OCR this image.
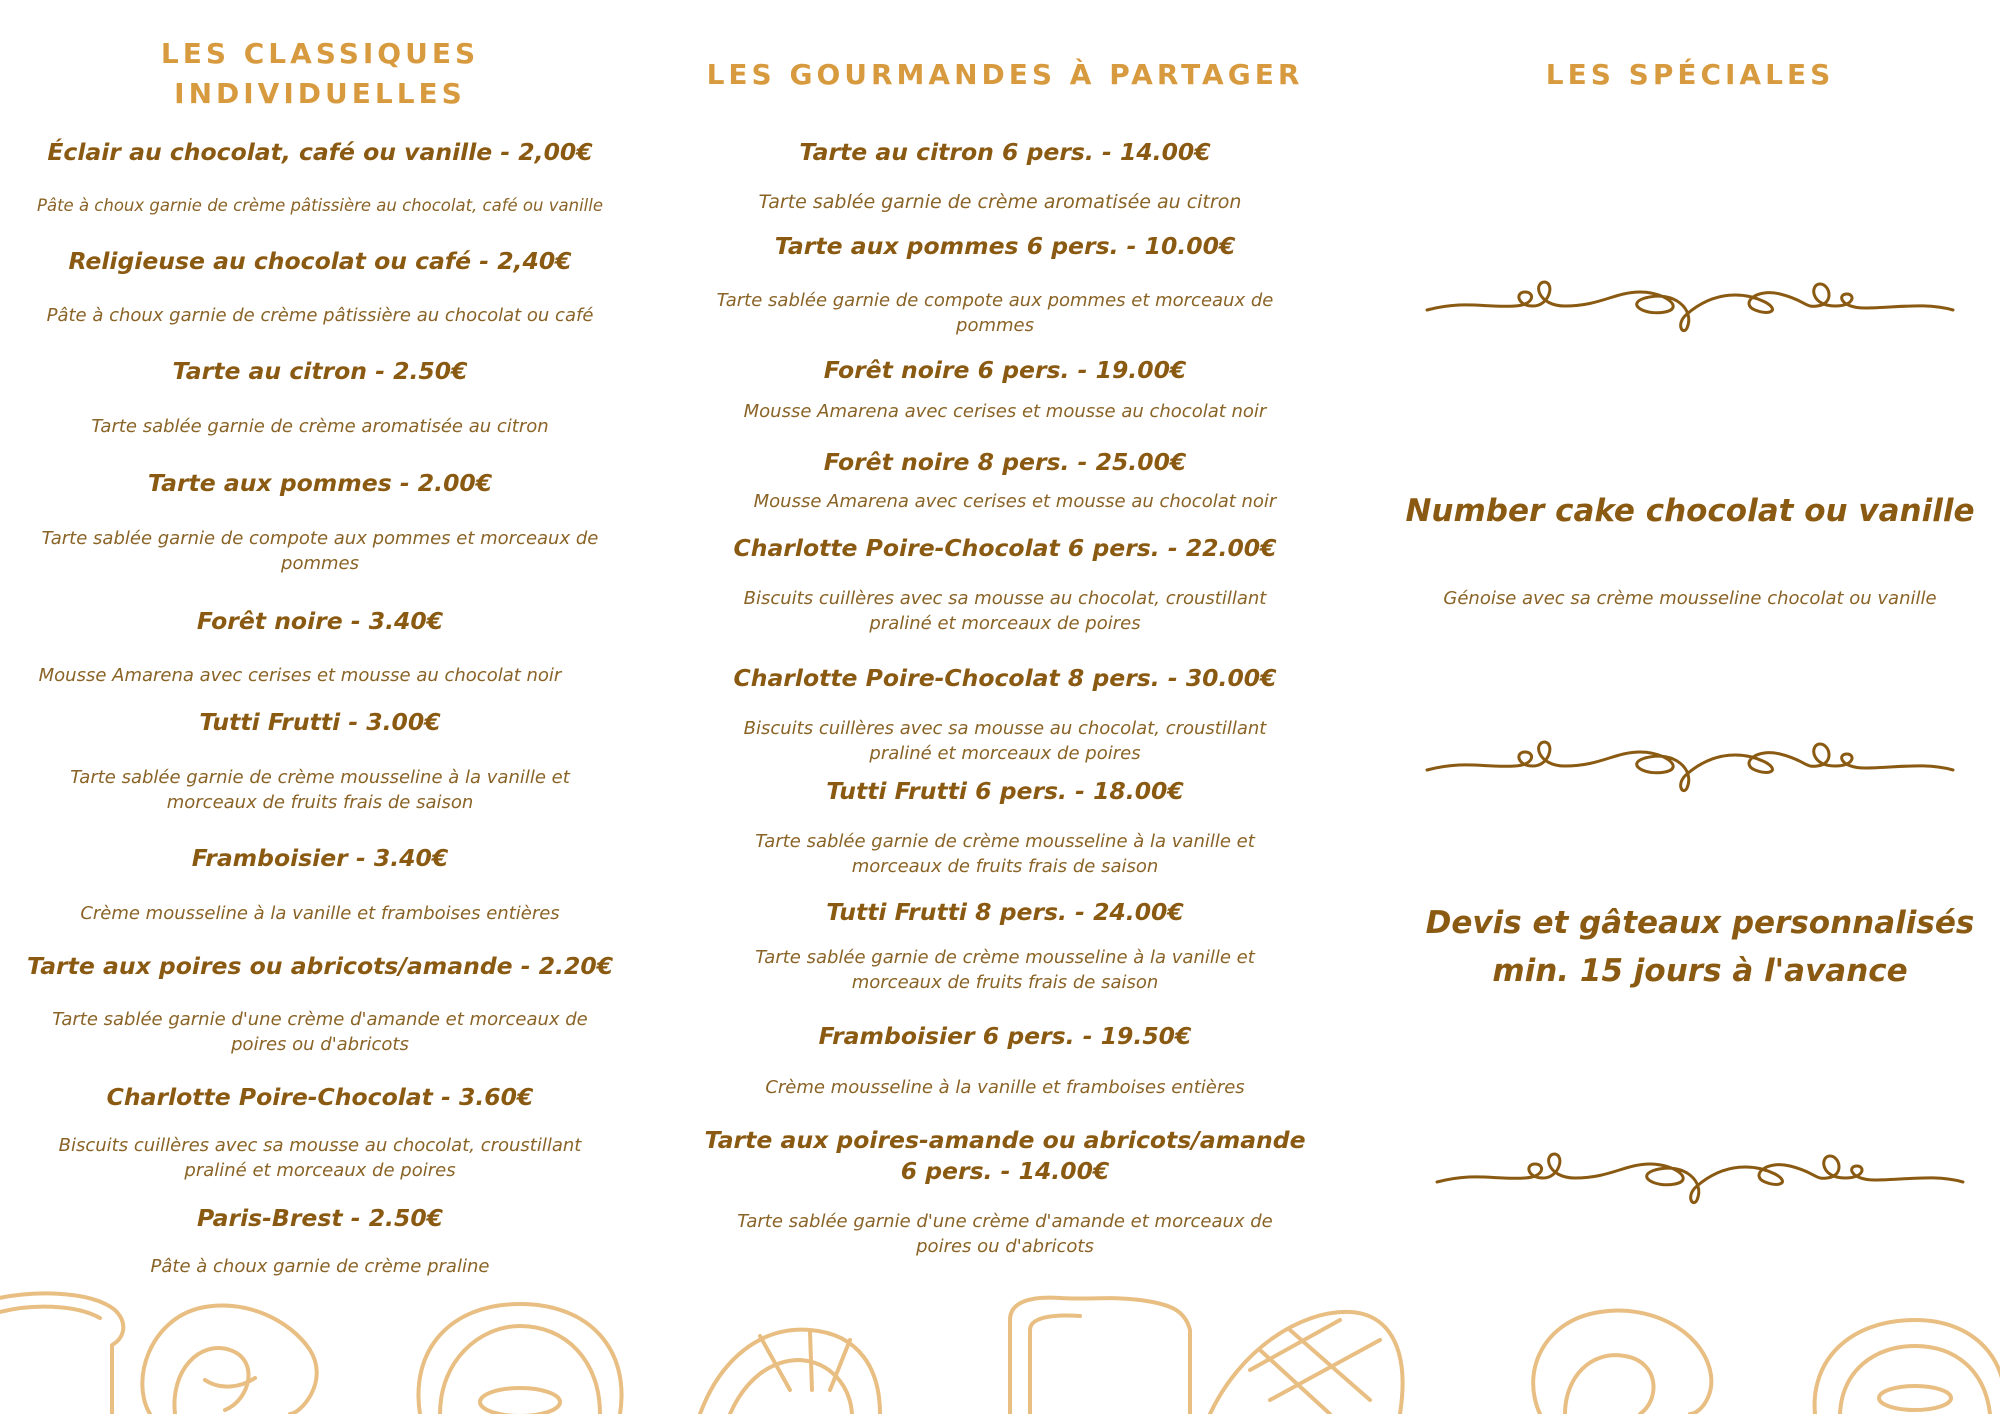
LES CLASSIQUES
INDIVIDUELLES
Éclair au chocolat, café ou vanille - 2,00€
Pâte à choux garnie de crème pâtissière au chocolat, café ou vanille
Religieuse au chocolat ou café - 2,40€
Pâte à choux garnie de crème pâtissière au chocolat ou café
Tarte au citron - 2.50€
Tarte sablée garnie de crème aromatisée au citron
Tarte aux pommes - 2.00€
Tarte sablée garnie de compote aux pommes et morceaux de
pommes
Forêt noire - 3.40€
Mousse Amarena avec cerises et mousse au chocolat noir
Tutti Frutti - 3.00€
Tarte sablée garnie de crème mousseline à la vanille et
morceaux de fruits frais de saison
Framboisier - 3.40€
Crème mousseline à la vanille et framboises entières
Tarte aux poires ou abricots/amande - 2.20€
Tarte sablée garnie d'une crème d'amande et morceaux de
poires ou d'abricots
Charlotte Poire-Chocolat - 3.60€
Biscuits cuillères avec sa mousse au chocolat, croustillant
praliné et morceaux de poires
Paris-Brest - 2.50€
Pâte à choux garnie de crème praline
LES GOURMANDES À PARTAGER
Tarte au citron 6 pers. - 14.00€
Tarte sablée garnie de crème aromatisée au citron
Tarte aux pommes 6 pers. - 10.00€
Tarte sablée garnie de compote aux pommes et morceaux de
pommes
Forêt noire 6 pers. - 19.00€
Mousse Amarena avec cerises et mousse au chocolat noir
Forêt noire 8 pers. - 25.00€
Mousse Amarena avec cerises et mousse au chocolat noir
Charlotte Poire-Chocolat 6 pers. - 22.00€
Biscuits cuillères avec sa mousse au chocolat, croustillant
praliné et morceaux de poires
Charlotte Poire-Chocolat 8 pers. - 30.00€
Biscuits cuillères avec sa mousse au chocolat, croustillant
praliné et morceaux de poires
Tutti Frutti 6 pers. - 18.00€
Tarte sablée garnie de crème mousseline à la vanille et
morceaux de fruits frais de saison
Tutti Frutti 8 pers. - 24.00€
Tarte sablée garnie de crème mousseline à la vanille et
morceaux de fruits frais de saison
Framboisier 6 pers. - 19.50€
Crème mousseline à la vanille et framboises entières
Tarte aux poires-amande ou abricots/amande
6 pers. - 14.00€
Tarte sablée garnie d'une crème d'amande et morceaux de
poires ou d'abricots
LES SPÉCIALES
Number cake chocolat ou vanille
Génoise avec sa crème mousseline chocolat ou vanille
Devis et gâteaux personnalisés
min. 15 jours à l'avance
